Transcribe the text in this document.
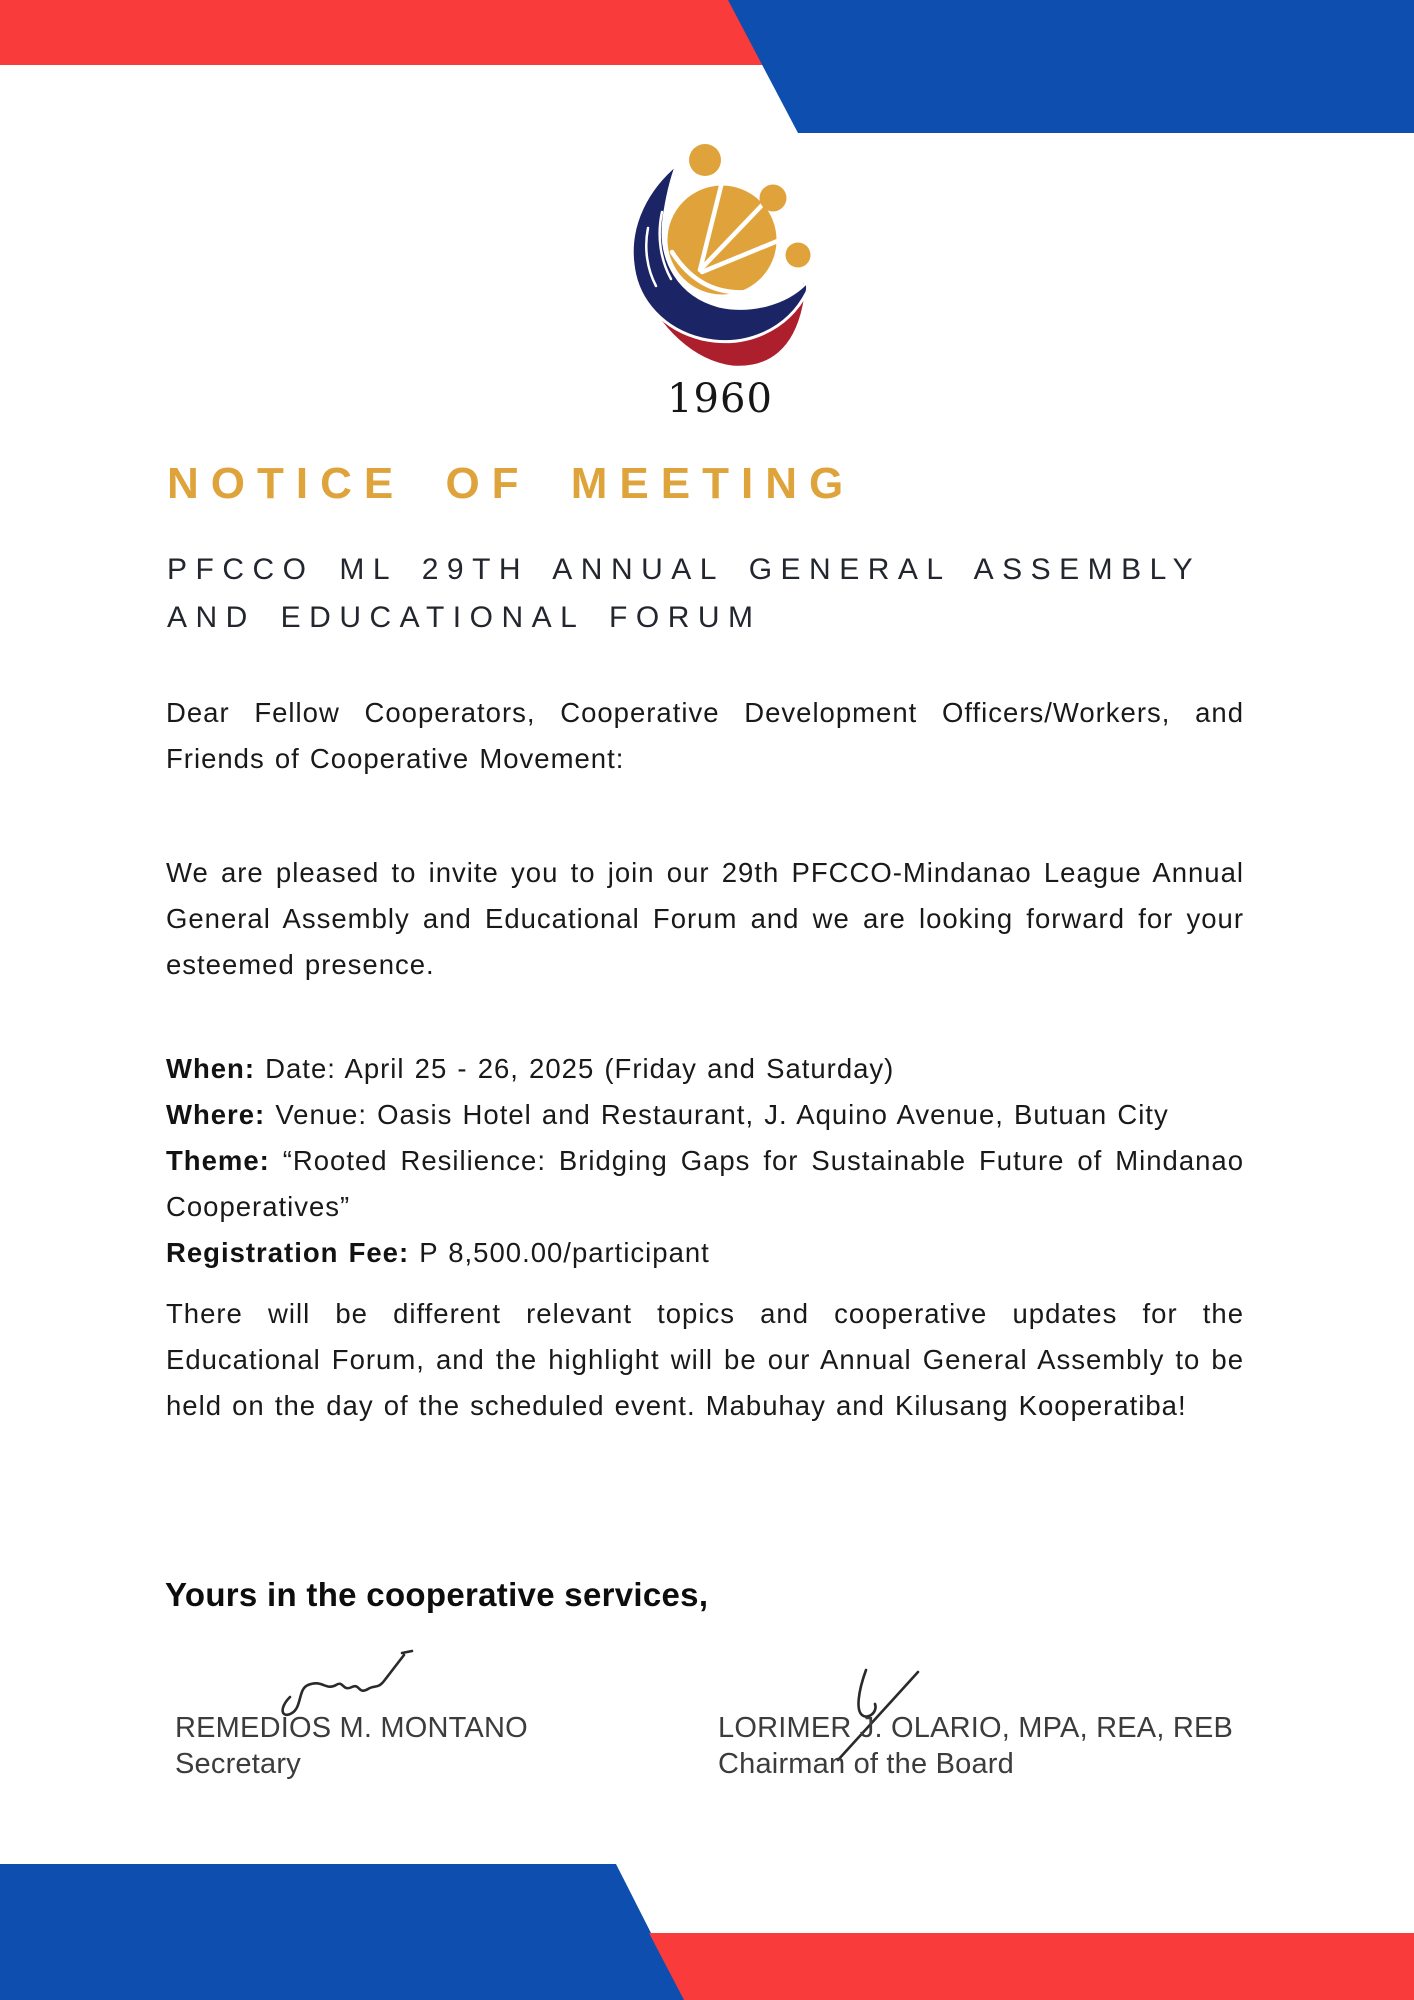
1960
NOTICE OF MEETING
PFCCO ML 29TH ANNUAL GENERAL ASSEMBLY
AND EDUCATIONAL FORUM
Dear Fellow Cooperators, Cooperative Development Officers/Workers, and Friends of Cooperative Movement:
We are pleased to invite you to join our 29th PFCCO-Mindanao League Annual General Assembly and Educational Forum and we are looking forward for your esteemed presence.
When: Date: April 25 - 26, 2025 (Friday and Saturday)
Where: Venue: Oasis Hotel and Restaurant, J. Aquino Avenue, Butuan City
Theme: “Rooted Resilience: Bridging Gaps for Sustainable Future of Mindanao Cooperatives”
Registration Fee: P 8,500.00/participant
There will be different relevant topics and cooperative updates for the Educational Forum, and the highlight will be our Annual General Assembly to be held on the day of the scheduled event. Mabuhay and Kilusang Kooperatiba!
Yours in the cooperative services,
REMEDIOS M. MONTANO
Secretary
LORIMER J. OLARIO, MPA, REA, REB
Chairman of the Board
